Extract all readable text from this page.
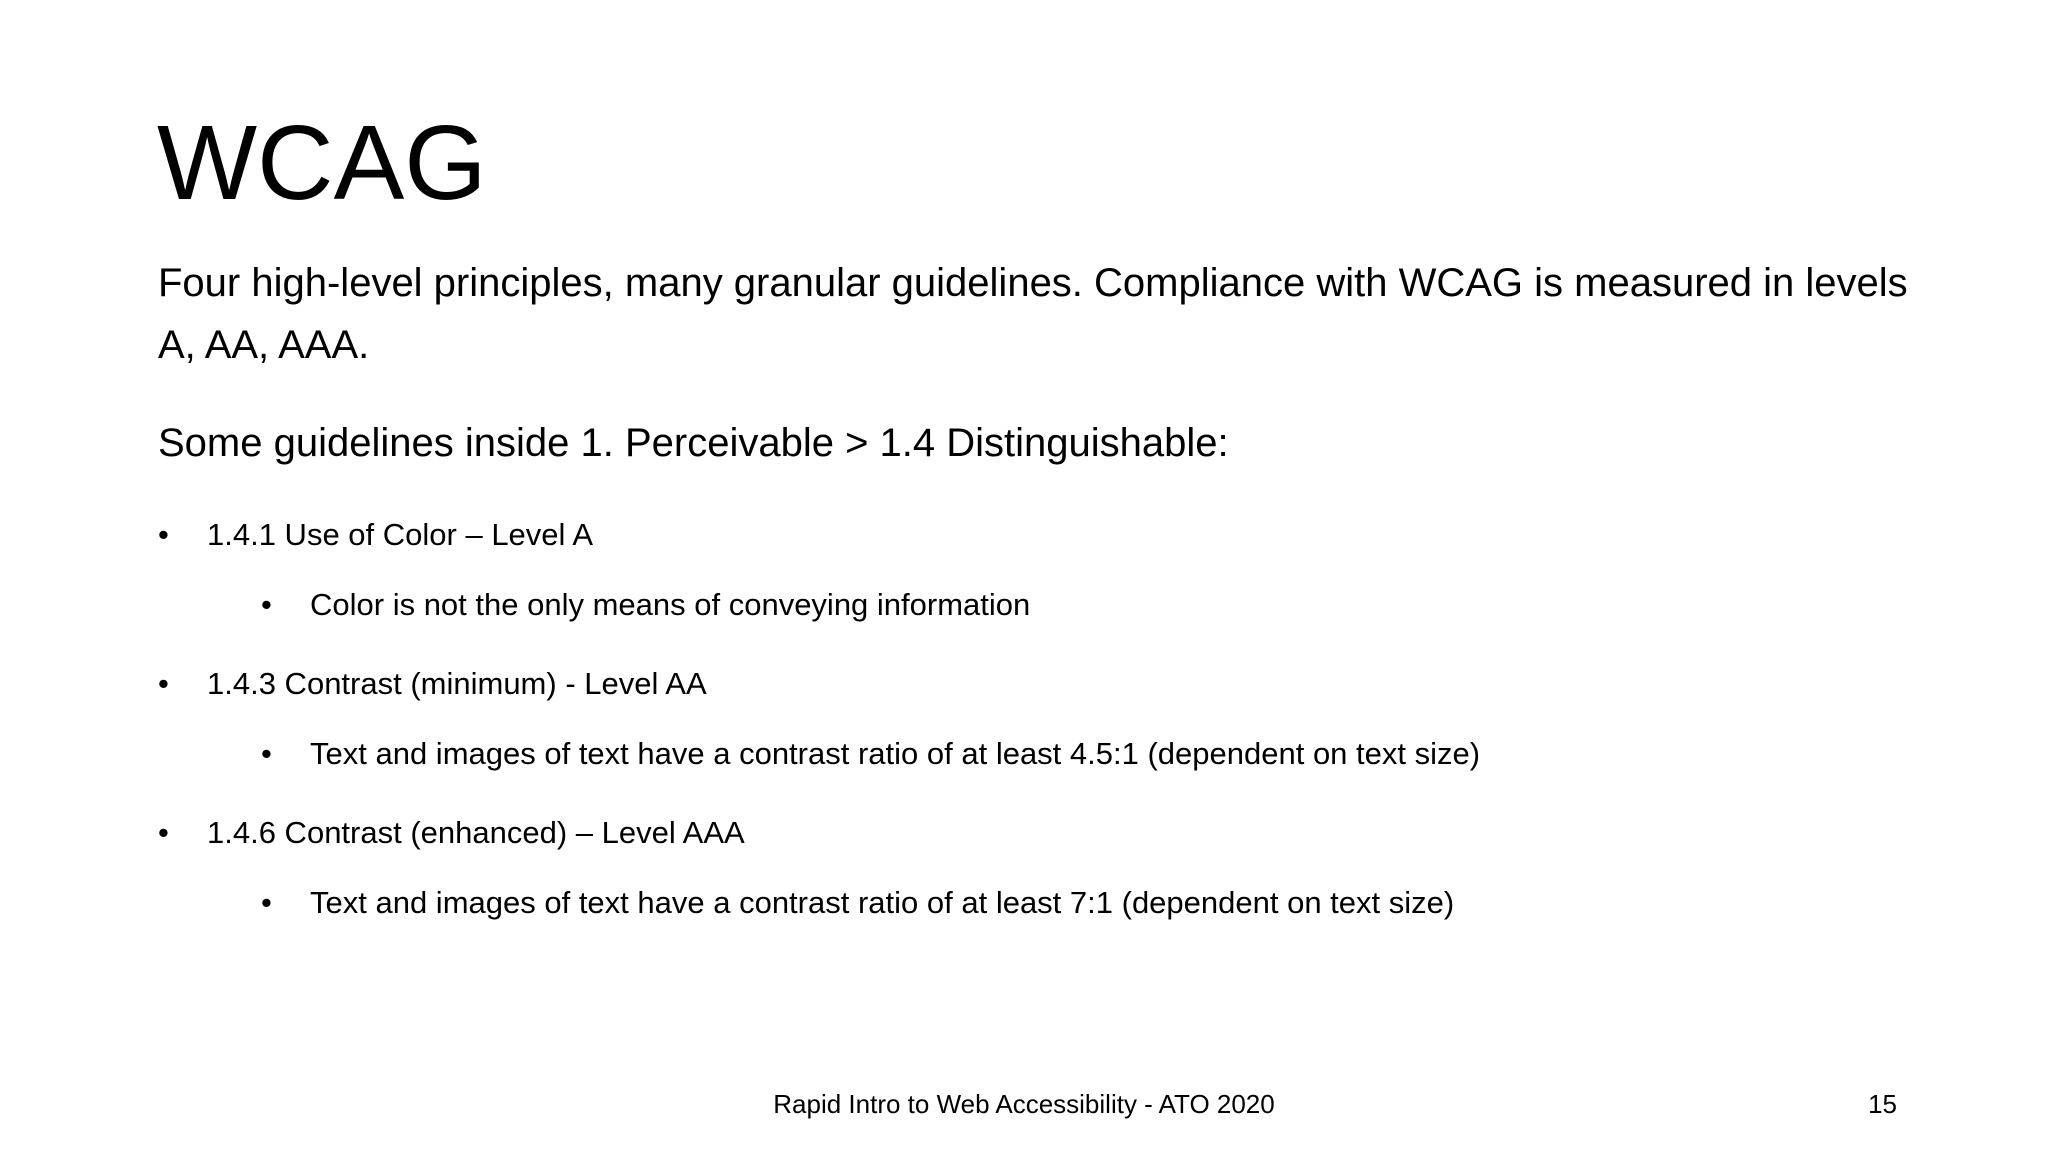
WCAG

Four high-level principles, many granular guidelines. Compliance with WCAG is measured in levels A, AA, AAA.

Some guidelines inside 1. Perceivable > 1.4 Distinguishable:

• 1.4.1 Use of Color – Level A
• Color is not the only means of conveying information
• 1.4.3 Contrast (minimum) - Level AA
• Text and images of text have a contrast ratio of at least 4.5:1 (dependent on text size)
• 1.4.6 Contrast (enhanced) – Level AAA
• Text and images of text have a contrast ratio of at least 7:1 (dependent on text size)
Rapid Intro to Web Accessibility - ATO 2020	15
